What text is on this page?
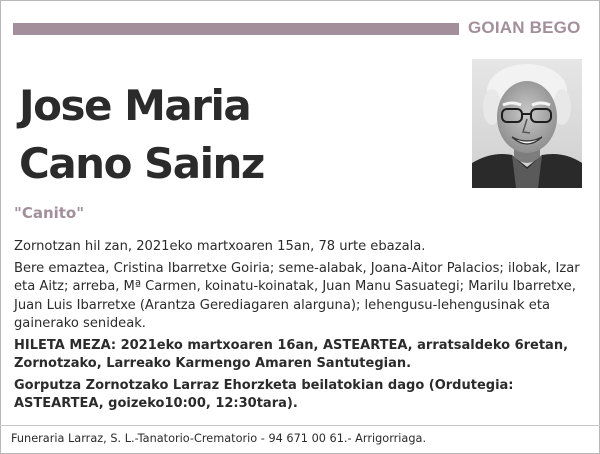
GOIAN BEGO
Jose Maria
Cano Sainz
"Canito"

Zornotzan hil zan, 2021eko martxoaren 15an, 78 urte ebazala.

Bere emaztea, Cristina Ibarretxe Goiria; seme-alabak, Joana-Aitor Palacios; ilobak, Izar eta Aitz; arreba, Mª Carmen, koinatu-koinatak, Juan Manu Sasuategi; Marilu Ibarretxe, Juan Luis Ibarretxe (Arantza Gerediagaren alarguna); lehengusu-lehengusinak eta gainerako senideak.

HILETA MEZA: 2021eko martxoaren 16an, ASTEARTEA, arratsaldeko 6retan, Zornotzako, Larreako Karmengo Amaren Santutegian.

Gorputza Zornotzako Larraz Ehorzketa beilatokian dago (Ordutegia: ASTEARTEA, goizeko10:00, 12:30tara).

Funeraria Larraz, S. L.-Tanatorio-Crematorio - 94 671 00 61.- Arrigorriaga.
